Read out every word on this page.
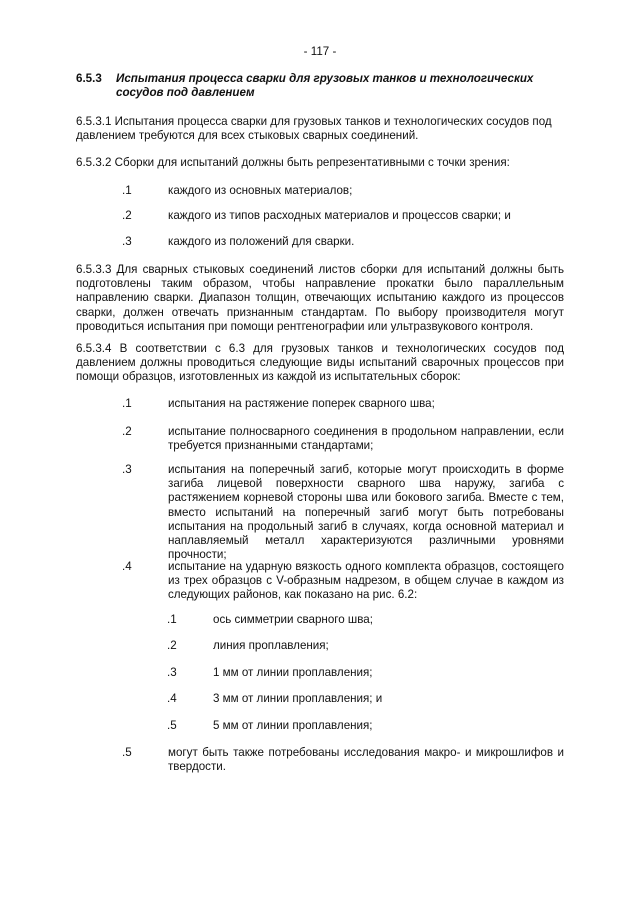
- 117 -
6.5.3 Испытания процесса сварки для грузовых танков и технологических сосудов под давлением
6.5.3.1 Испытания процесса сварки для грузовых танков и технологических сосудов под давлением требуются для всех стыковых сварных соединений.
6.5.3.2 Сборки для испытаний должны быть репрезентативными с точки зрения:
.1	каждого из основных материалов;
.2	каждого из типов расходных материалов и процессов сварки; и
.3	каждого из положений для сварки.
6.5.3.3 Для сварных стыковых соединений листов сборки для испытаний должны быть подготовлены таким образом, чтобы направление прокатки было параллельным направлению сварки. Диапазон толщин, отвечающих испытанию каждого из процессов сварки, должен отвечать признанным стандартам. По выбору производителя могут проводиться испытания при помощи рентгенографии или ультразвукового контроля.
6.5.3.4 В соответствии с 6.3 для грузовых танков и технологических сосудов под давлением должны проводиться следующие виды испытаний сварочных процессов при помощи образцов, изготовленных из каждой из испытательных сборок:
.1	испытания на растяжение поперек сварного шва;
.2	испытание полносварного соединения в продольном направлении, если требуется признанными стандартами;
.3	испытания на поперечный загиб, которые могут происходить в форме загиба лицевой поверхности сварного шва наружу, загиба с растяжением корневой стороны шва или бокового загиба. Вместе с тем, вместо испытаний на поперечный загиб могут быть потребованы испытания на продольный загиб в случаях, когда основной материал и наплавляемый металл характеризуются различными уровнями прочности;
.4	испытание на ударную вязкость одного комплекта образцов, состоящего из трех образцов с V-образным надрезом, в общем случае в каждом из следующих районов, как показано на рис. 6.2:
.1	ось симметрии сварного шва;
.2	линия проплавления;
.3	1 мм от линии проплавления;
.4	3 мм от линии проплавления; и
.5	5 мм от линии проплавления;
.5	могут быть также потребованы исследования макро- и микрошлифов и твердости.
